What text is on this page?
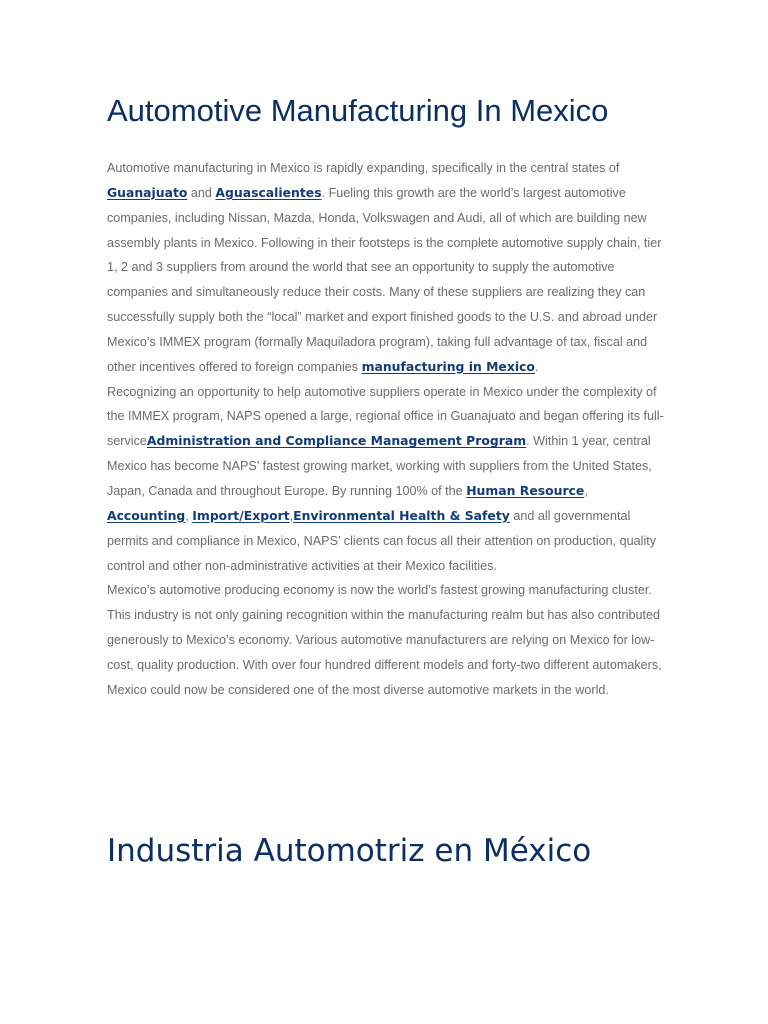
Automotive Manufacturing In Mexico

Automotive manufacturing in Mexico is rapidly expanding, specifically in the central states of Guanajuato and Aguascalientes. Fueling this growth are the world’s largest automotive companies, including Nissan, Mazda, Honda, Volkswagen and Audi, all of which are building new assembly plants in Mexico. Following in their footsteps is the complete automotive supply chain, tier 1, 2 and 3 suppliers from around the world that see an opportunity to supply the automotive companies and simultaneously reduce their costs. Many of these suppliers are realizing they can successfully supply both the “local” market and export finished goods to the U.S. and abroad under Mexico’s IMMEX program (formally Maquiladora program), taking full advantage of tax, fiscal and other incentives offered to foreign companies manufacturing in Mexico.

Recognizing an opportunity to help automotive suppliers operate in Mexico under the complexity of the IMMEX program, NAPS opened a large, regional office in Guanajuato and began offering its full-serviceAdministration and Compliance Management Program. Within 1 year, central Mexico has become NAPS’ fastest growing market, working with suppliers from the United States, Japan, Canada and throughout Europe. By running 100% of the Human Resource, Accounting, Import/Export,Environmental Health & Safety and all governmental permits and compliance in Mexico, NAPS’ clients can focus all their attention on production, quality control and other non-administrative activities at their Mexico facilities.

Mexico’s automotive producing economy is now the world’s fastest growing manufacturing cluster. This industry is not only gaining recognition within the manufacturing realm but has also contributed generously to Mexico’s economy. Various automotive manufacturers are relying on Mexico for low-cost, quality production. With over four hundred different models and forty-two different automakers, Mexico could now be considered one of the most diverse automotive markets in the world.

Industria Automotriz en México
